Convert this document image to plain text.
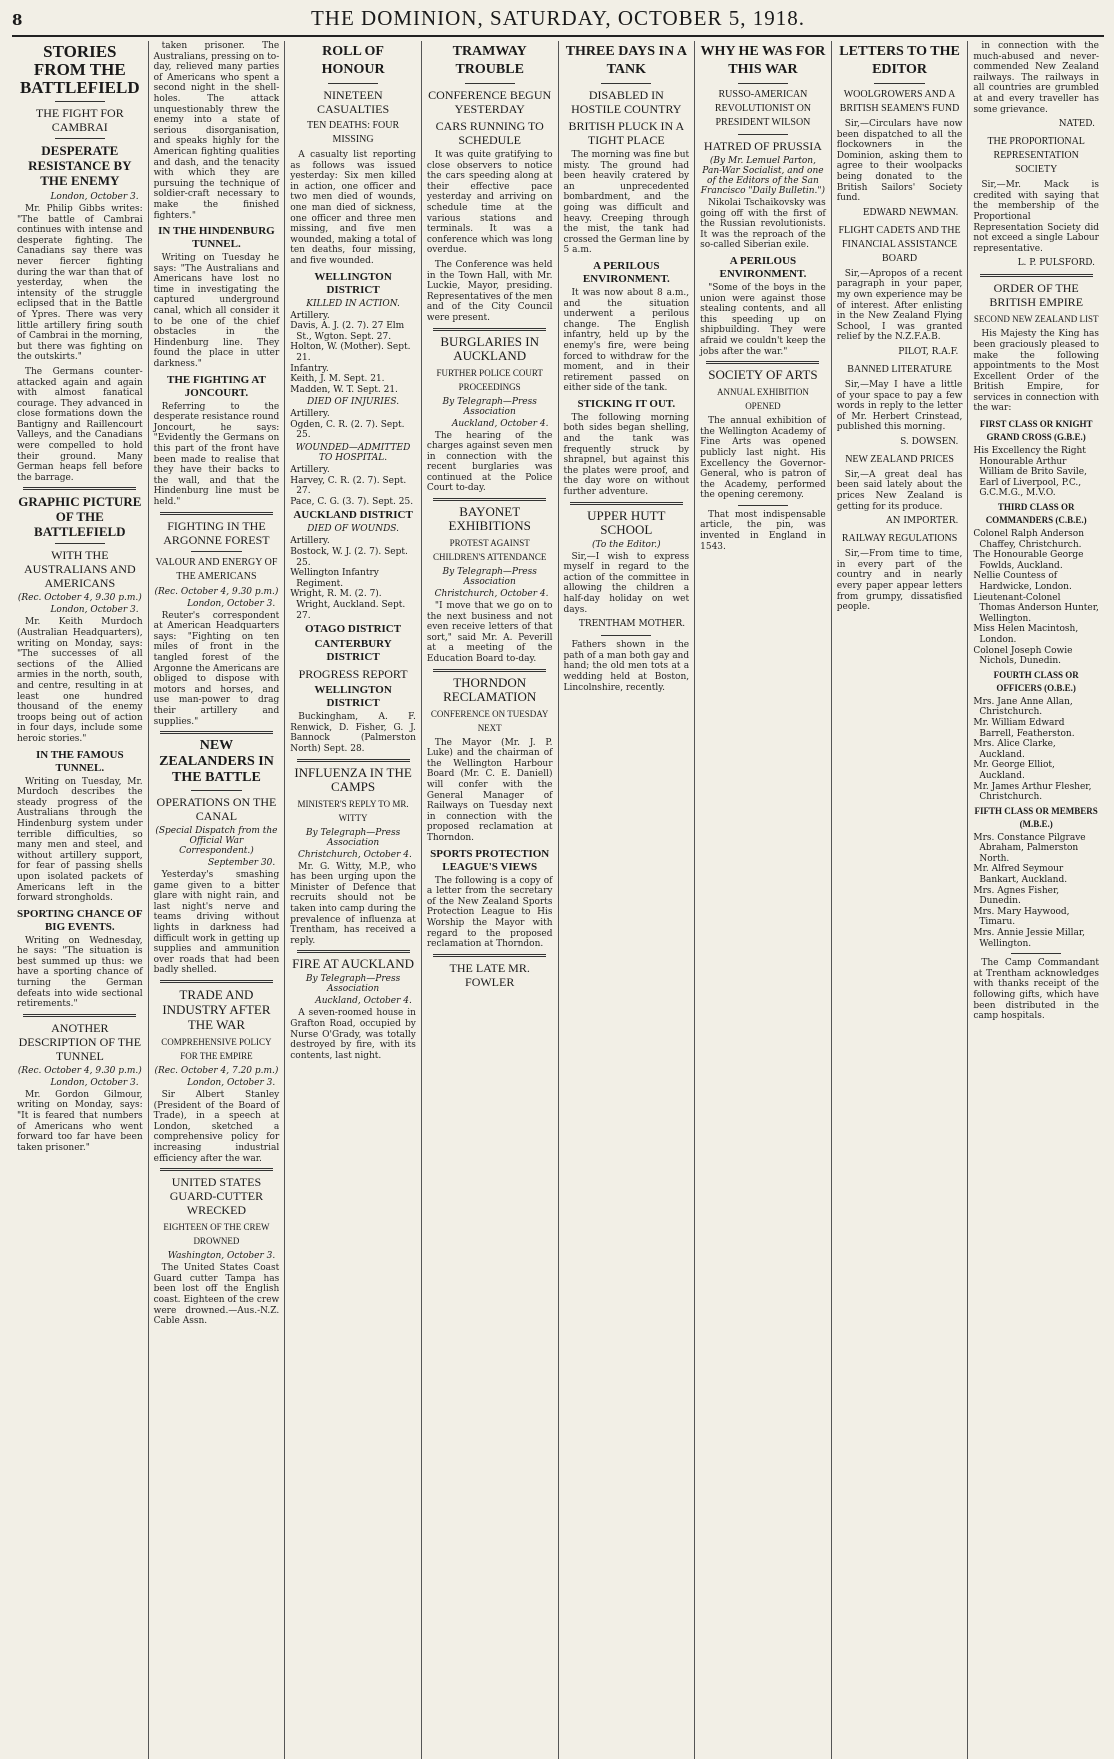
8	THE DOMINION, SATURDAY, OCTOBER 5, 1918.
STORIES FROM THE BATTLEFIELD
THE FIGHT FOR CAMBRAI
DESPERATE RESISTANCE BY THE ENEMY
London, October 3.

Mr. Philip Gibbs writes: "The battle of Cambrai continues with intense and desperate fighting. The Canadians say there was never fiercer fighting during the war than that of yesterday, when the intensity of the struggle eclipsed that in the Battle of Ypres. There was very little artillery firing south of Cambrai in the morning, but there was fighting on the outskirts."

The Germans counter-attacked again and again with almost fanatical courage. They advanced in close formations down the Bantigny and Raillencourt Valleys, and the Canadians were compelled to hold their ground. Many German heaps fell before the barrage.

GRAPHIC PICTURE OF THE BATTLEFIELD
WITH THE AUSTRALIANS AND AMERICANS
(Rec. October 4, 9.30 p.m.)
London, October 3.

Mr. Keith Murdoch (Australian Headquarters), writing on Monday, says: "The successes of all sections of the Allied armies in the north, south, and centre, resulting in at least one hundred thousand of the enemy troops being out of action in four days, include some heroic stories."

IN THE FAMOUS TUNNEL.

Writing on Tuesday, Mr. Murdoch describes the steady progress of the Australians through the Hindenburg system under terrible difficulties, so many men and steel, and without artillery support, for fear of passing shells upon isolated packets of Americans left in the forward strongholds.

SPORTING CHANCE OF BIG EVENTS.

Writing on Wednesday, he says: "The situation is best summed up thus: we have a sporting chance of turning the German defeats into wide sectional retirements."

ANOTHER DESCRIPTION OF THE TUNNEL
(Rec. October 4, 9.30 p.m.)
London, October 3.

Mr. Gordon Gilmour, writing on Monday, says: "It is feared that numbers of Americans who went forward too far have been taken prisoner."

taken prisoner. The Australians, pressing on to-day, relieved many parties of Americans who spent a second night in the shell-holes. The attack unquestionably threw the enemy into a state of serious disorganisation, and speaks highly for the American fighting qualities and dash, and the tenacity with which they are pursuing the technique of soldier-craft necessary to make the finished fighters."

IN THE HINDENBURG TUNNEL.

Writing on Tuesday he says: "The Australians and Americans have lost no time in investigating the captured underground canal, which all consider it to be one of the chief obstacles in the Hindenburg line. They found the place in utter darkness."

THE FIGHTING AT JONCOURT.

Referring to the desperate resistance round Joncourt, he says: "Evidently the Germans on this part of the front have been made to realise that they have their backs to the wall, and that the Hindenburg line must be held."

FIGHTING IN THE ARGONNE FOREST
VALOUR AND ENERGY OF THE AMERICANS
(Rec. October 4, 9.30 p.m.)
London, October 3.

Reuter's correspondent at American Headquarters says: "Fighting on ten miles of front in the tangled forest of the Argonne the Americans are obliged to dispose with motors and horses, and use man-power to drag their artillery and supplies."

NEW ZEALANDERS IN THE BATTLE
OPERATIONS ON THE CANAL
(Special Dispatch from the Official War Correspondent.)
September 30.

Yesterday's smashing game given to a bitter glare with night rain, and last night's nerve and teams driving without lights in darkness had difficult work in getting up supplies and ammunition over roads that had been badly shelled.

TRADE AND INDUSTRY AFTER THE WAR
COMPREHENSIVE POLICY FOR THE EMPIRE
(Rec. October 4, 7.20 p.m.)
London, October 3.

Sir Albert Stanley (President of the Board of Trade), in a speech at London, sketched a comprehensive policy for increasing industrial efficiency after the war.

UNITED STATES GUARD-CUTTER WRECKED
EIGHTEEN OF THE CREW DROWNED
Washington, October 3.

The United States Coast Guard cutter Tampa has been lost off the English coast. Eighteen of the crew were drowned.—Aus.-N.Z. Cable Assn.

ROLL OF HONOUR
NINETEEN CASUALTIES
TEN DEATHS: FOUR MISSING

A casualty list reporting as follows was issued yesterday: Six men killed in action, one officer and two men died of wounds, one man died of sickness, one officer and three men missing, and five men wounded, making a total of ten deaths, four missing, and five wounded.

WELLINGTON DISTRICT
KILLED IN ACTION.
Artillery.
Davis, A. J. (2. 7). 27 Elm St., Wgton. Sept. 27.
Holton, W. (Mother). Sept. 21.
Infantry.
Keith, J. M. Sept. 21.
Madden, W. T. Sept. 21.
DIED OF INJURIES.
Artillery.
Ogden, C. R. (2. 7). Sept. 25.
WOUNDED—ADMITTED TO HOSPITAL.
Artillery.
Harvey, C. R. (2. 7). Sept. 27.
Pace, C. G. (3. 7). Sept. 25.
AUCKLAND DISTRICT
DIED OF WOUNDS.
Artillery.
Bostock, W. J. (2. 7). Sept. 25.
Wellington Infantry Regiment.
Wright, R. M. (2. 7). Wright, Auckland. Sept. 27.
OTAGO DISTRICT
CANTERBURY DISTRICT
PROGRESS REPORT
WELLINGTON DISTRICT

Buckingham, A. F. Renwick, D. Fisher, G. J. Bannock (Palmerston North) Sept. 28.

INFLUENZA IN THE CAMPS
MINISTER'S REPLY TO MR. WITTY
By Telegraph—Press Association
Christchurch, October 4.

Mr. G. Witty, M.P., who has been urging upon the Minister of Defence that recruits should not be taken into camp during the prevalence of influenza at Trentham, has received a reply.

FIRE AT AUCKLAND
By Telegraph—Press Association
Auckland, October 4.

A seven-roomed house in Grafton Road, occupied by Nurse O'Grady, was totally destroyed by fire, with its contents, last night.

TRAMWAY TROUBLE
CONFERENCE BEGUN YESTERDAY
CARS RUNNING TO SCHEDULE

It was quite gratifying to close observers to notice the cars speeding along at their effective pace yesterday and arriving on schedule time at the various stations and terminals. It was a conference which was long overdue.

The Conference was held in the Town Hall, with Mr. Luckie, Mayor, presiding. Representatives of the men and of the City Council were present.

BURGLARIES IN AUCKLAND
FURTHER POLICE COURT PROCEEDINGS
By Telegraph—Press Association
Auckland, October 4.

The hearing of the charges against seven men in connection with the recent burglaries was continued at the Police Court to-day.

BAYONET EXHIBITIONS
PROTEST AGAINST CHILDREN'S ATTENDANCE
By Telegraph—Press Association
Christchurch, October 4.

"I move that we go on to the next business and not even receive letters of that sort," said Mr. A. Peverill at a meeting of the Education Board to-day.

THORNDON RECLAMATION
CONFERENCE ON TUESDAY NEXT

The Mayor (Mr. J. P. Luke) and the chairman of the Wellington Harbour Board (Mr. C. E. Daniell) will confer with the General Manager of Railways on Tuesday next in connection with the proposed reclamation at Thorndon.

SPORTS PROTECTION LEAGUE'S VIEWS

The following is a copy of a letter from the secretary of the New Zealand Sports Protection League to His Worship the Mayor with regard to the proposed reclamation at Thorndon.

THE LATE MR. FOWLER
THREE DAYS IN A TANK
DISABLED IN HOSTILE COUNTRY
BRITISH PLUCK IN A TIGHT PLACE

The morning was fine but misty. The ground had been heavily cratered by an unprecedented bombardment, and the going was difficult and heavy. Creeping through the mist, the tank had crossed the German line by 5 a.m.

A PERILOUS ENVIRONMENT.

It was now about 8 a.m., and the situation underwent a perilous change. The English infantry, held up by the enemy's fire, were being forced to withdraw for the moment, and in their retirement passed on either side of the tank.

STICKING IT OUT.

The following morning both sides began shelling, and the tank was frequently struck by shrapnel, but against this the plates were proof, and the day wore on without further adventure.

UPPER HUTT SCHOOL
(To the Editor.)

Sir,—I wish to express myself in regard to the action of the committee in allowing the children a half-day holiday on wet days.

TRENTHAM MOTHER.

Fathers shown in the path of a man both gay and hand; the old men tots at a wedding held at Boston, Lincolnshire, recently.

WHY HE WAS FOR THIS WAR
RUSSO-AMERICAN REVOLUTIONIST ON PRESIDENT WILSON
HATRED OF PRUSSIA
(By Mr. Lemuel Parton, Pan-War Socialist, and one of the Editors of the San Francisco "Daily Bulletin.")

Nikolai Tschaikovsky was going off with the first of the Russian revolutionists. It was the reproach of the so-called Siberian exile.

A PERILOUS ENVIRONMENT.

"Some of the boys in the union were against those stealing contents, and all this speeding up on shipbuilding. They were afraid we couldn't keep the jobs after the war."

SOCIETY OF ARTS
ANNUAL EXHIBITION OPENED

The annual exhibition of the Wellington Academy of Fine Arts was opened publicly last night. His Excellency the Governor-General, who is patron of the Academy, performed the opening ceremony.

That most indispensable article, the pin, was invented in England in 1543.

LETTERS TO THE EDITOR
WOOLGROWERS AND A BRITISH SEAMEN'S FUND

Sir,—Circulars have now been dispatched to all the flockowners in the Dominion, asking them to agree to their woolpacks being donated to the British Sailors' Society fund.

EDWARD NEWMAN.
FLIGHT CADETS AND THE FINANCIAL ASSISTANCE BOARD

Sir,—Apropos of a recent paragraph in your paper, my own experience may be of interest. After enlisting in the New Zealand Flying School, I was granted relief by the N.Z.F.A.B.

PILOT, R.A.F.
BANNED LITERATURE

Sir,—May I have a little of your space to pay a few words in reply to the letter of Mr. Herbert Crinstead, published this morning.

S. DOWSEN.
NEW ZEALAND PRICES

Sir,—A great deal has been said lately about the prices New Zealand is getting for its produce.

AN IMPORTER.
RAILWAY REGULATIONS

Sir,—From time to time, in every part of the country and in nearly every paper appear letters from grumpy, dissatisfied people.

in connection with the much-abused and never-commended New Zealand railways. The railways in all countries are grumbled at and every traveller has some grievance.

NATED.
THE PROPORTIONAL REPRESENTATION SOCIETY

Sir,—Mr. Mack is credited with saying that the membership of the Proportional Representation Society did not exceed a single Labour representative.

L. P. PULSFORD.
ORDER OF THE BRITISH EMPIRE
SECOND NEW ZEALAND LIST

His Majesty the King has been graciously pleased to make the following appointments to the Most Excellent Order of the British Empire, for services in connection with the war:

FIRST CLASS OR KNIGHT GRAND CROSS (G.B.E.)
His Excellency the Right Honourable Arthur William de Brito Savile, Earl of Liverpool, P.C., G.C.M.G., M.V.O.
THIRD CLASS OR COMMANDERS (C.B.E.)
Colonel Ralph Anderson Chaffey, Christchurch.
The Honourable George Fowlds, Auckland.
Nellie Countess of Hardwicke, London.
Lieutenant-Colonel Thomas Anderson Hunter, Wellington.
Miss Helen Macintosh, London.
Colonel Joseph Cowie Nichols, Dunedin.
FOURTH CLASS OR OFFICERS (O.B.E.)
Mrs. Jane Anne Allan, Christchurch.
Mr. William Edward Barrell, Featherston.
Mrs. Alice Clarke, Auckland.
Mr. George Elliot, Auckland.
Mr. James Arthur Flesher, Christchurch.
FIFTH CLASS OR MEMBERS (M.B.E.)
Mrs. Constance Pilgrave Abraham, Palmerston North.
Mr. Alfred Seymour Bankart, Auckland.
Mrs. Agnes Fisher, Dunedin.
Mrs. Mary Haywood, Timaru.
Mrs. Annie Jessie Millar, Wellington.

The Camp Commandant at Trentham acknowledges with thanks receipt of the following gifts, which have been distributed in the camp hospitals.
